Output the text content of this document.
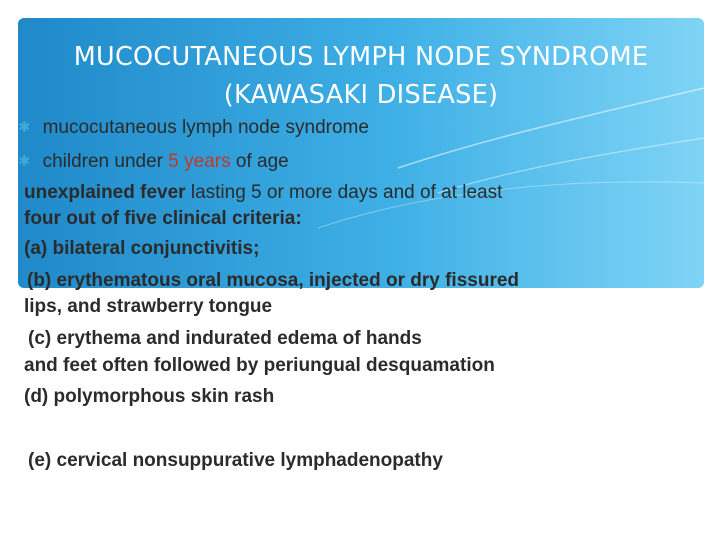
MUCOCUTANEOUS LYMPH NODE SYNDROME
(KAWASAKI DISEASE)
✱ mucocutaneous lymph node syndrome
✱ children under 5 years of age
unexplained fever lasting 5 or more days and of at least
four out of five clinical criteria:
(a) bilateral conjunctivitis;
(b) erythematous oral mucosa, injected or dry fissured
lips, and strawberry tongue
(c) erythema and indurated edema of hands
and feet often followed by periungual desquamation
(d) polymorphous skin rash
(e) cervical nonsuppurative lymphadenopathy
